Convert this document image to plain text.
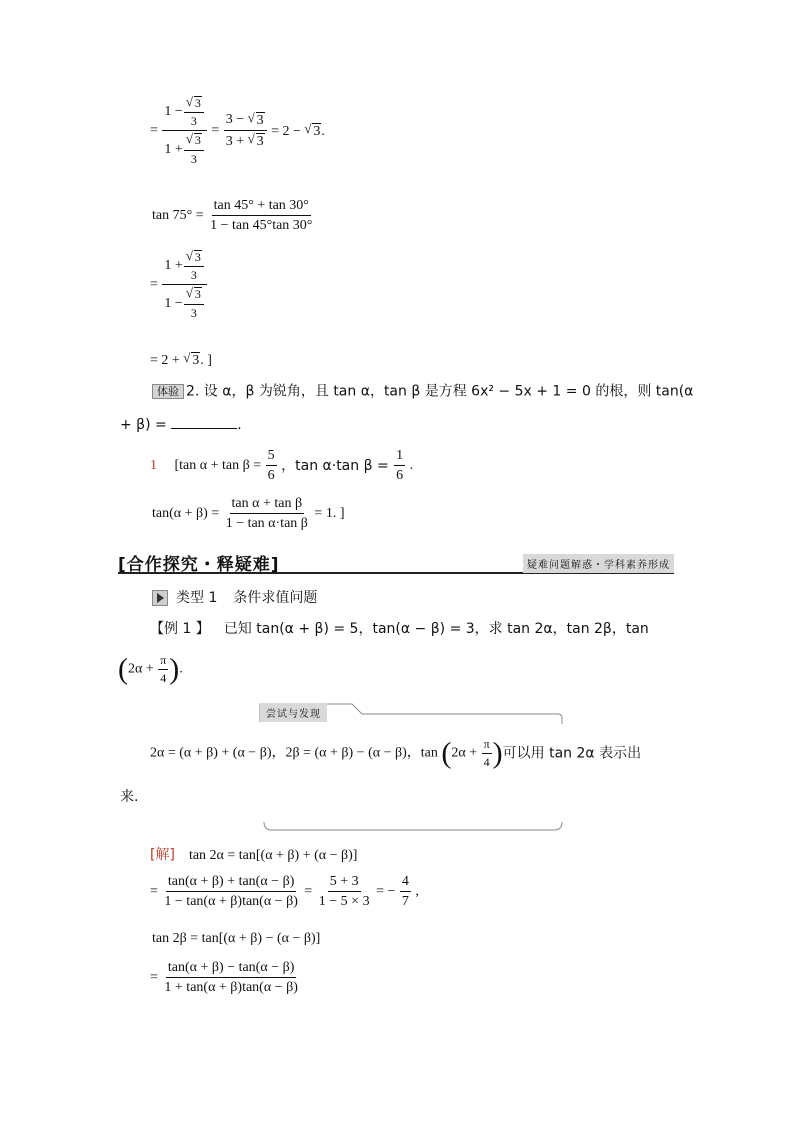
= 1 −
√ $\frac{3}{3}$
1 +
√ $\frac{3}{3} = 3$ −

√ 3
3 +

√ 3 = 2 − √ 3.
$\tan 75^\circ = \frac{\tan 45^\circ + \tan 30^\circ}{1 - \tan 45^\circ\tan 30^\circ}$
= 1 +
√ $\frac{3}{3}$
1 −
√ $\frac{3}{3}$
= 2 + √ 3. ]
体验 2. 设 α，β 为锐角，且 tan α，tan β 是方程 6x² − 5x + 1 = 0 的根，则 tan(α
+ β) =	.
1 [tan $\alpha + \tan \beta = \frac{5}{6}$ ，tan α·tan $\beta = \frac{1}{6}$ .
$\tan(\alpha + \beta) = \frac{\text{tan α + tan β}}{\text{1 − tan α·tan β}} = 1$. ]
[合作探究・释疑难]	疑难问题解惑・学科素养形成
类型 1 条件求值问题
【例 1 】 已知 tan(α + β) = 5，tan(α − β) = 3，求 tan 2α，tan 2β，tan
($2\alpha + \frac{\pi}{4}$ ).
尝试与发现
2α = (α + β) + (α − β)，2β = (α + β) − (α − β)，$\tan (2\alpha + \frac{\pi}{4}$ )可以用 tan 2α 表示出
来.
[解] tan 2α = tan[(α + β) + (α − β)]
= $\frac{\tan(\alpha + \beta) + \tan(\alpha - \beta)}{1 - \tan(\alpha + \beta)\tan(\alpha - \beta)} = \frac{5 + 3}{1 - 5 \times 3}$ = − $\frac{4}{7}$ ,
tan 2β = tan[(α + β) − (α − β)]
= $\frac{\tan(\alpha + \beta) - \tan(\alpha - \beta)}{1 + \tan(\alpha + \beta)\tan(\alpha - \beta)}$
